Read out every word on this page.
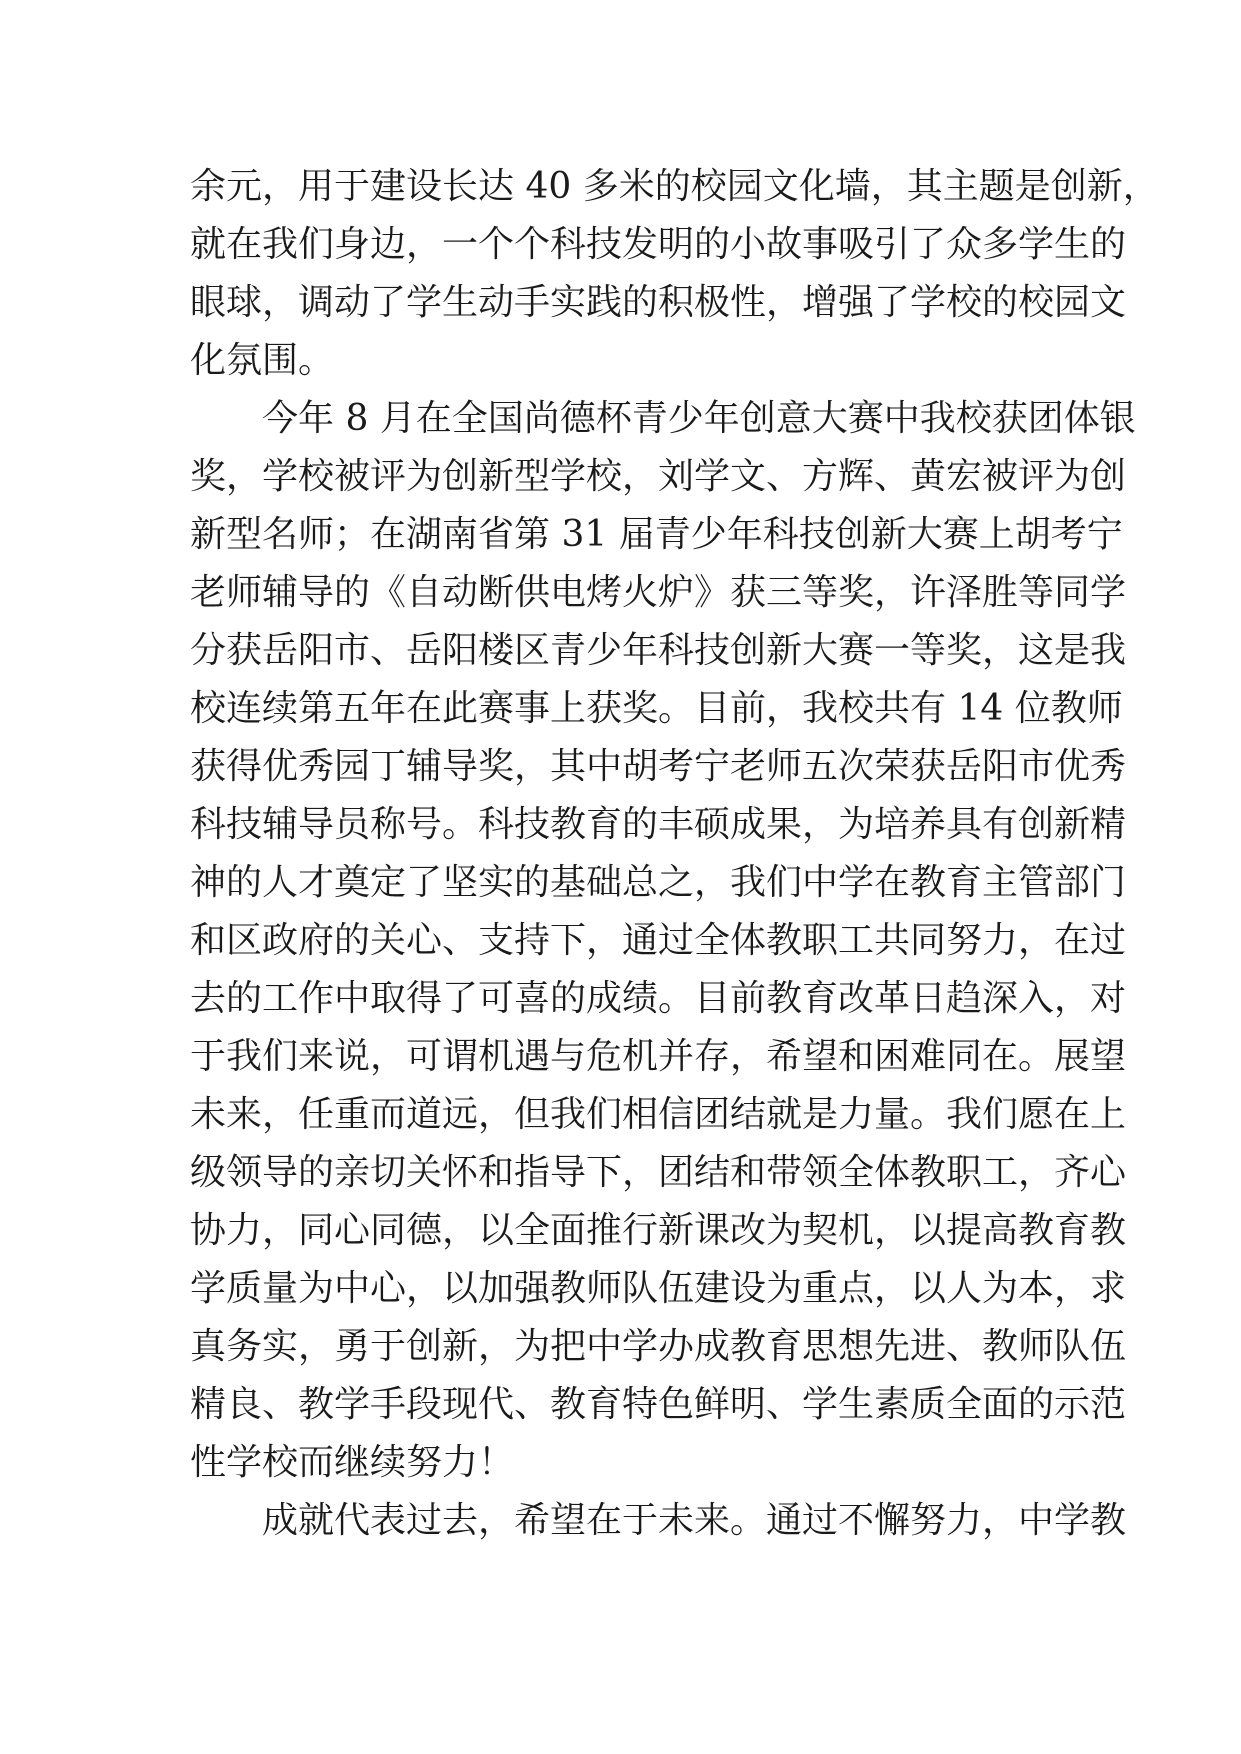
余元，用于建设长达 40 多米的校园文化墙，其主题是创新，
就在我们身边，一个个科技发明的小故事吸引了众多学生的
眼球，调动了学生动手实践的积极性，增强了学校的校园文
化氛围。
今年 8 月在全国尚德杯青少年创意大赛中我校获团体银
奖，学校被评为创新型学校，刘学文、方辉、黄宏被评为创
新型名师；在湖南省第 31 届青少年科技创新大赛上胡考宁
老师辅导的《自动断供电烤火炉》获三等奖，许泽胜等同学
分获岳阳市、岳阳楼区青少年科技创新大赛一等奖，这是我
校连续第五年在此赛事上获奖。目前，我校共有 14 位教师
获得优秀园丁辅导奖，其中胡考宁老师五次荣获岳阳市优秀
科技辅导员称号。科技教育的丰硕成果，为培养具有创新精
神的人才奠定了坚实的基础总之，我们中学在教育主管部门
和区政府的关心、支持下，通过全体教职工共同努力，在过
去的工作中取得了可喜的成绩。目前教育改革日趋深入，对
于我们来说，可谓机遇与危机并存，希望和困难同在。展望
未来，任重而道远，但我们相信团结就是力量。我们愿在上
级领导的亲切关怀和指导下，团结和带领全体教职工，齐心
协力，同心同德，以全面推行新课改为契机，以提高教育教
学质量为中心，以加强教师队伍建设为重点，以人为本，求
真务实，勇于创新，为把中学办成教育思想先进、教师队伍
精良、教学手段现代、教育特色鲜明、学生素质全面的示范
性学校而继续努力！
成就代表过去，希望在于未来。通过不懈努力，中学教
